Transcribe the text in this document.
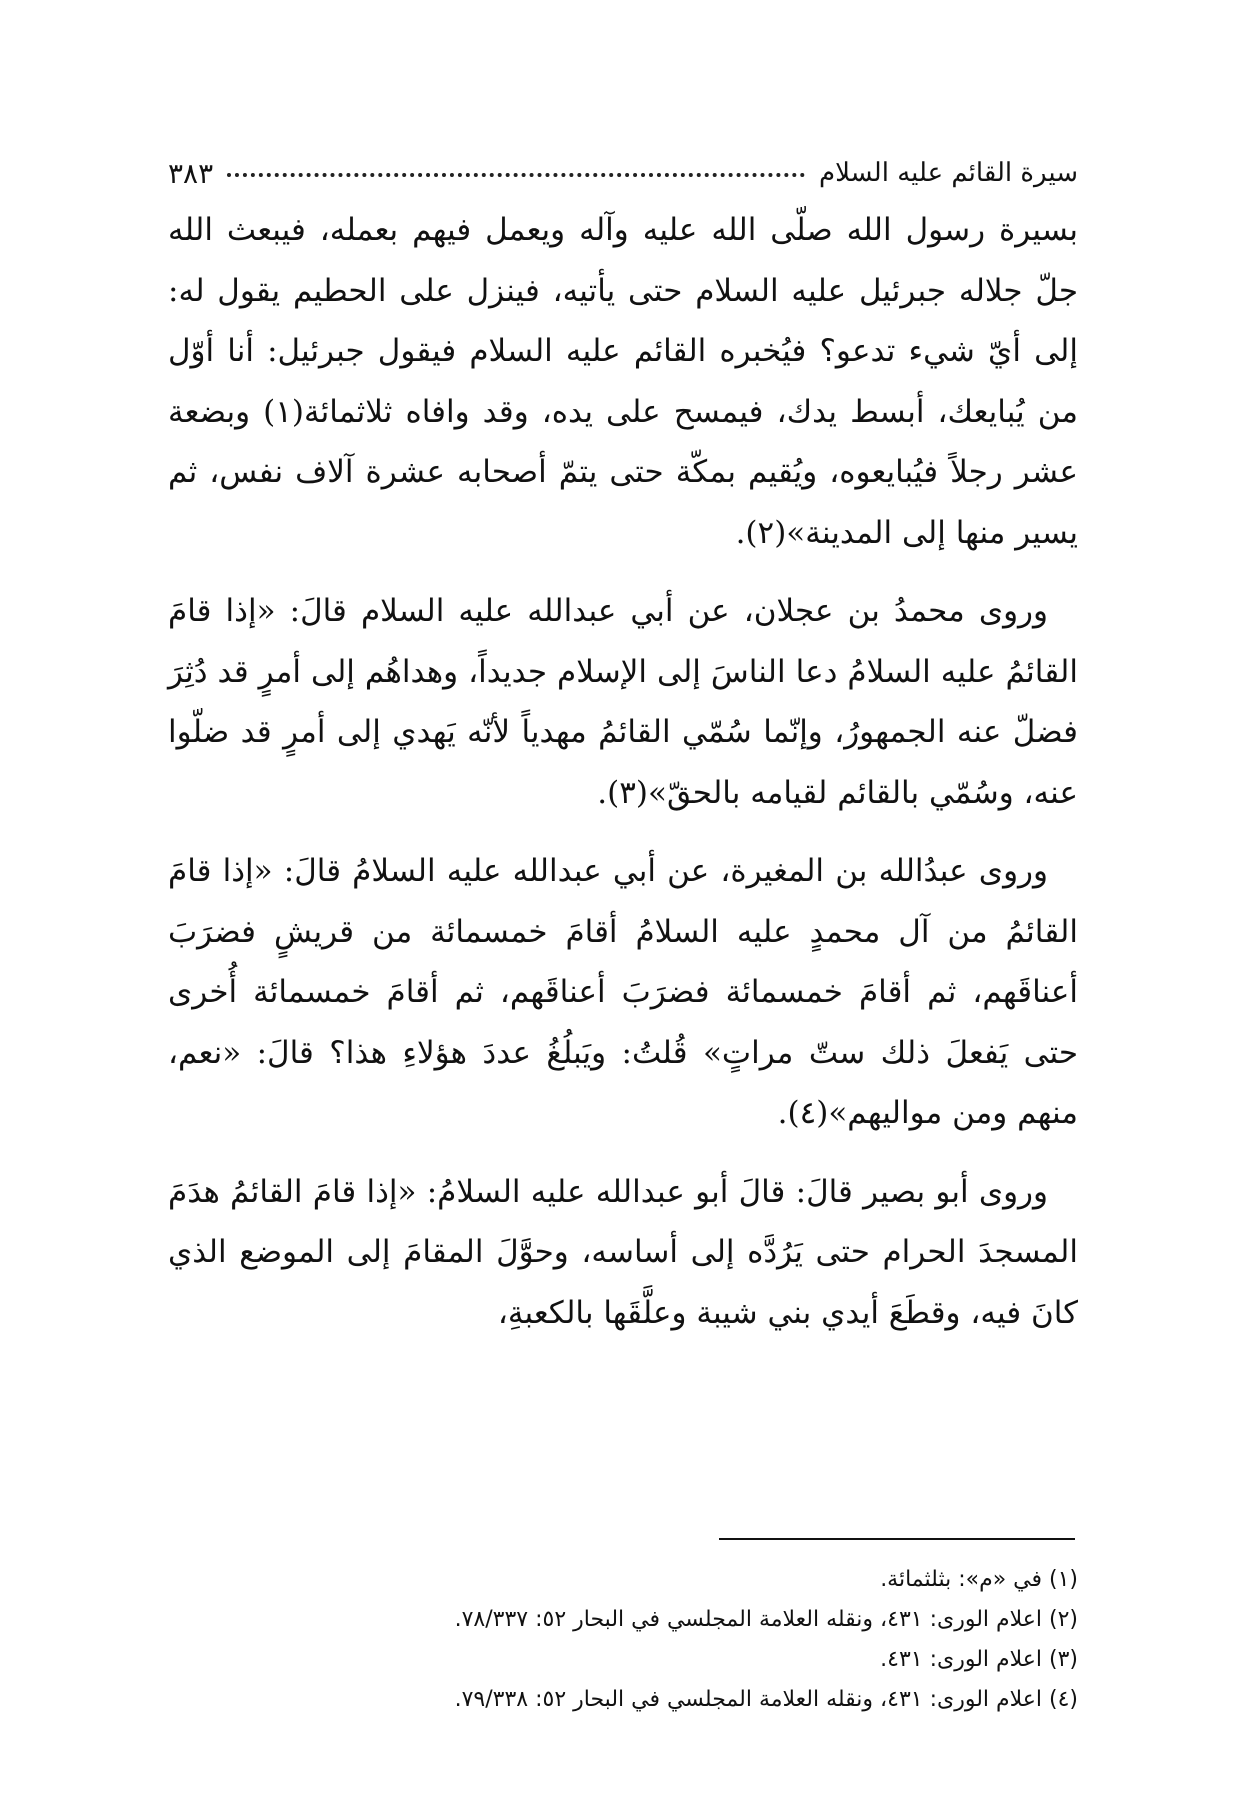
سيرة القائم عليه السلام
٣٨٣

بسيرة رسول الله صلّى الله عليه وآله ويعمل فيهم بعمله، فيبعث الله جلّ جلاله جبرئيل عليه السلام حتى يأتيه، فينزل على الحطيم يقول له: إلى أيّ شيء تدعو؟ فيُخبره القائم عليه السلام فيقول جبرئيل: أنا أوّل من يُبايعك، أبسط يدك، فيمسح على يده، وقد وافاه ثلاثمائة(١) وبضعة عشر رجلاً فيُبايعوه، ويُقيم بمكّة حتى يتمّ أصحابه عشرة آلاف نفس، ثم يسير منها إلى المدينة»(٢).

وروى محمدُ بن عجلان، عن أبي عبدالله عليه السلام قالَ: «إذا قامَ القائمُ عليه السلامُ دعا الناسَ إلى الإسلام جديداً، وهداهُم إلى أمرٍ قد دُثِرَ فضلّ عنه الجمهورُ، وإنّما سُمّي القائمُ مهدياً لأنّه يَهدي إلى أمرٍ قد ضلّوا عنه، وسُمّي بالقائم لقيامه بالحقّ»(٣).

وروى عبدُالله بن المغيرة، عن أبي عبدالله عليه السلامُ قالَ: «إذا قامَ القائمُ من آل محمدٍ عليه السلامُ أقامَ خمسمائة من قريشٍ فضرَبَ أعناقَهم، ثم أقامَ خمسمائة فضرَبَ أعناقَهم، ثم أقامَ خمسمائة أُخرى حتى يَفعلَ ذلك ستّ مراتٍ» قُلتُ: ويَبلُغُ عددَ هؤلاءِ هذا؟ قالَ: «نعم، منهم ومن مواليهم»(٤).

وروى أبو بصير قالَ: قالَ أبو عبدالله عليه السلامُ: «إذا قامَ القائمُ هدَمَ المسجدَ الحرام حتى يَرُدَّه إلى أساسه، وحوَّلَ المقامَ إلى الموضع الذي كانَ فيه، وقطَعَ أيدي بني شيبة وعلَّقَها بالكعبةِ،

(١) في «م»: بثلثمائة.

(٢) اعلام الورى: ٤٣١، ونقله العلامة المجلسي في البحار ٥٢: ٧٨/٣٣٧.

(٣) اعلام الورى: ٤٣١.

(٤) اعلام الورى: ٤٣١، ونقله العلامة المجلسي في البحار ٥٢: ٧٩/٣٣٨.
